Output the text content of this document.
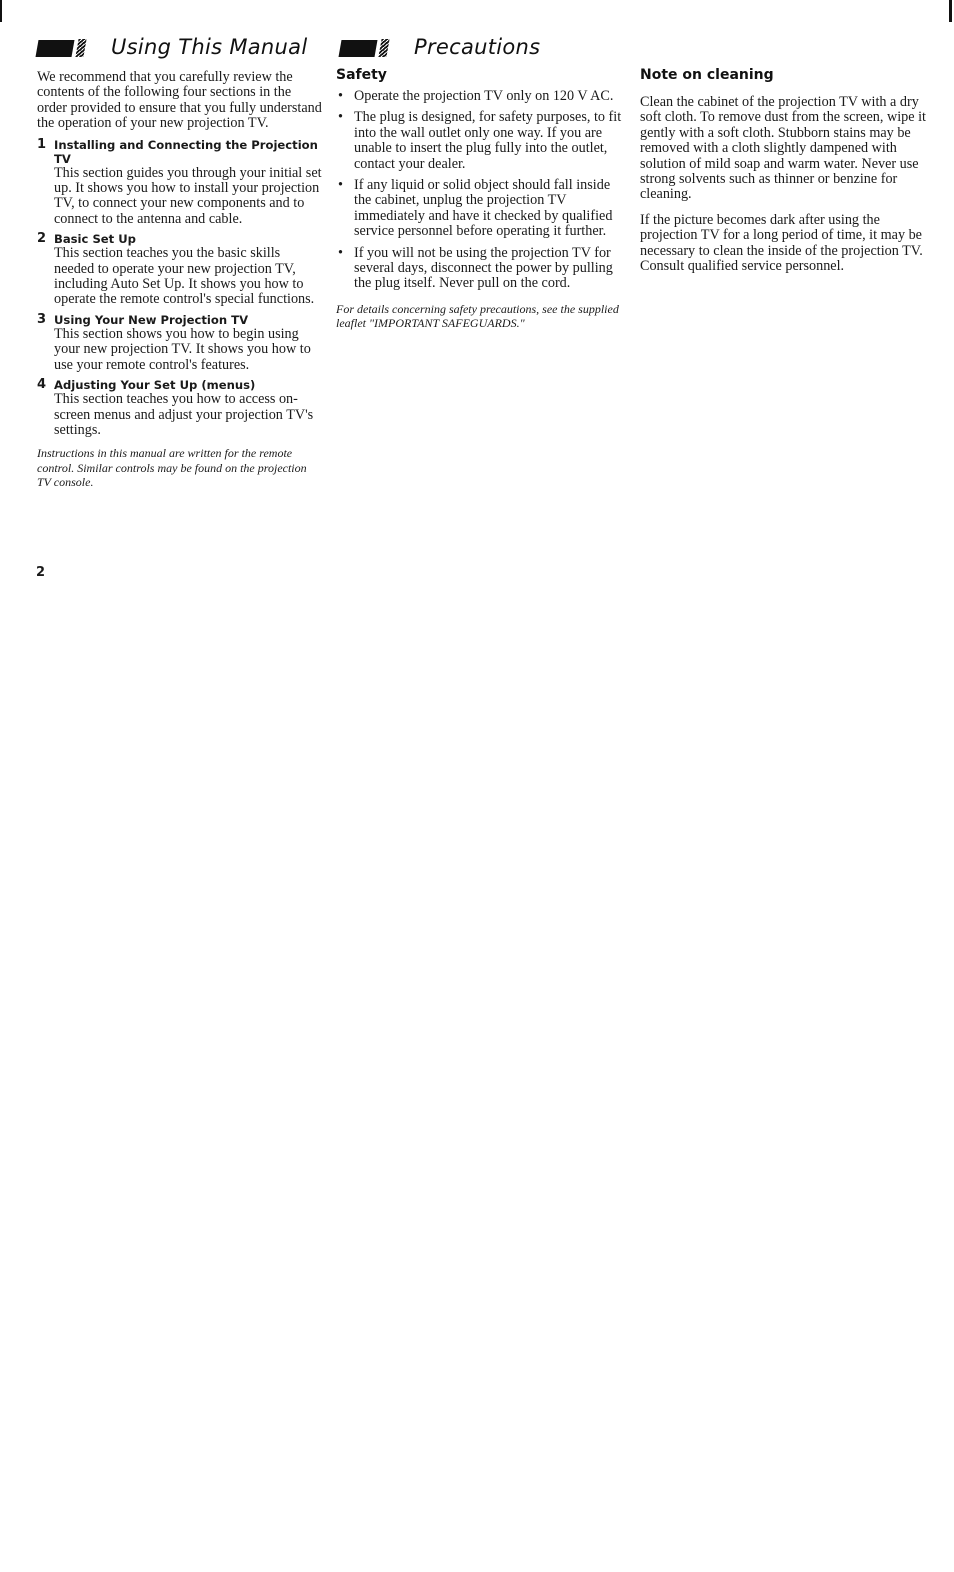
Using This Manual	Precautions

We recommend that you carefully review the contents of the following four sections in the order provided to ensure that you fully understand the operation of your new projection TV.

1 Installing and Connecting the Projection TV

This section guides you through your initial set up. It shows you how to install your projection TV, to connect your new components and to connect to the antenna and cable.

2 Basic Set Up

This section teaches you the basic skills needed to operate your new projection TV, including Auto Set Up. It shows you how to operate the remote control's special functions.

3 Using Your New Projection TV

This section shows you how to begin using your new projection TV. It shows you how to use your remote control's features.

4 Adjusting Your Set Up (menus)

This section teaches you how to access on-screen menus and adjust your projection TV's settings.

Instructions in this manual are written for the remote control. Similar controls may be found on the projection TV console.

Safety
• Operate the projection TV only on 120 V AC.
• The plug is designed, for safety purposes, to fit into the wall outlet only one way. If you are unable to insert the plug fully into the outlet, contact your dealer.
• If any liquid or solid object should fall inside the cabinet, unplug the projection TV immediately and have it checked by qualified service personnel before operating it further.
• If you will not be using the projection TV for several days, disconnect the power by pulling the plug itself. Never pull on the cord.

For details concerning safety precautions, see the supplied leaflet "IMPORTANT SAFEGUARDS."

Note on cleaning

Clean the cabinet of the projection TV with a dry soft cloth. To remove dust from the screen, wipe it gently with a soft cloth. Stubborn stains may be removed with a cloth slightly dampened with solution of mild soap and warm water. Never use strong solvents such as thinner or benzine for cleaning.

If the picture becomes dark after using the projection TV for a long period of time, it may be necessary to clean the inside of the projection TV. Consult qualified service personnel.

2
